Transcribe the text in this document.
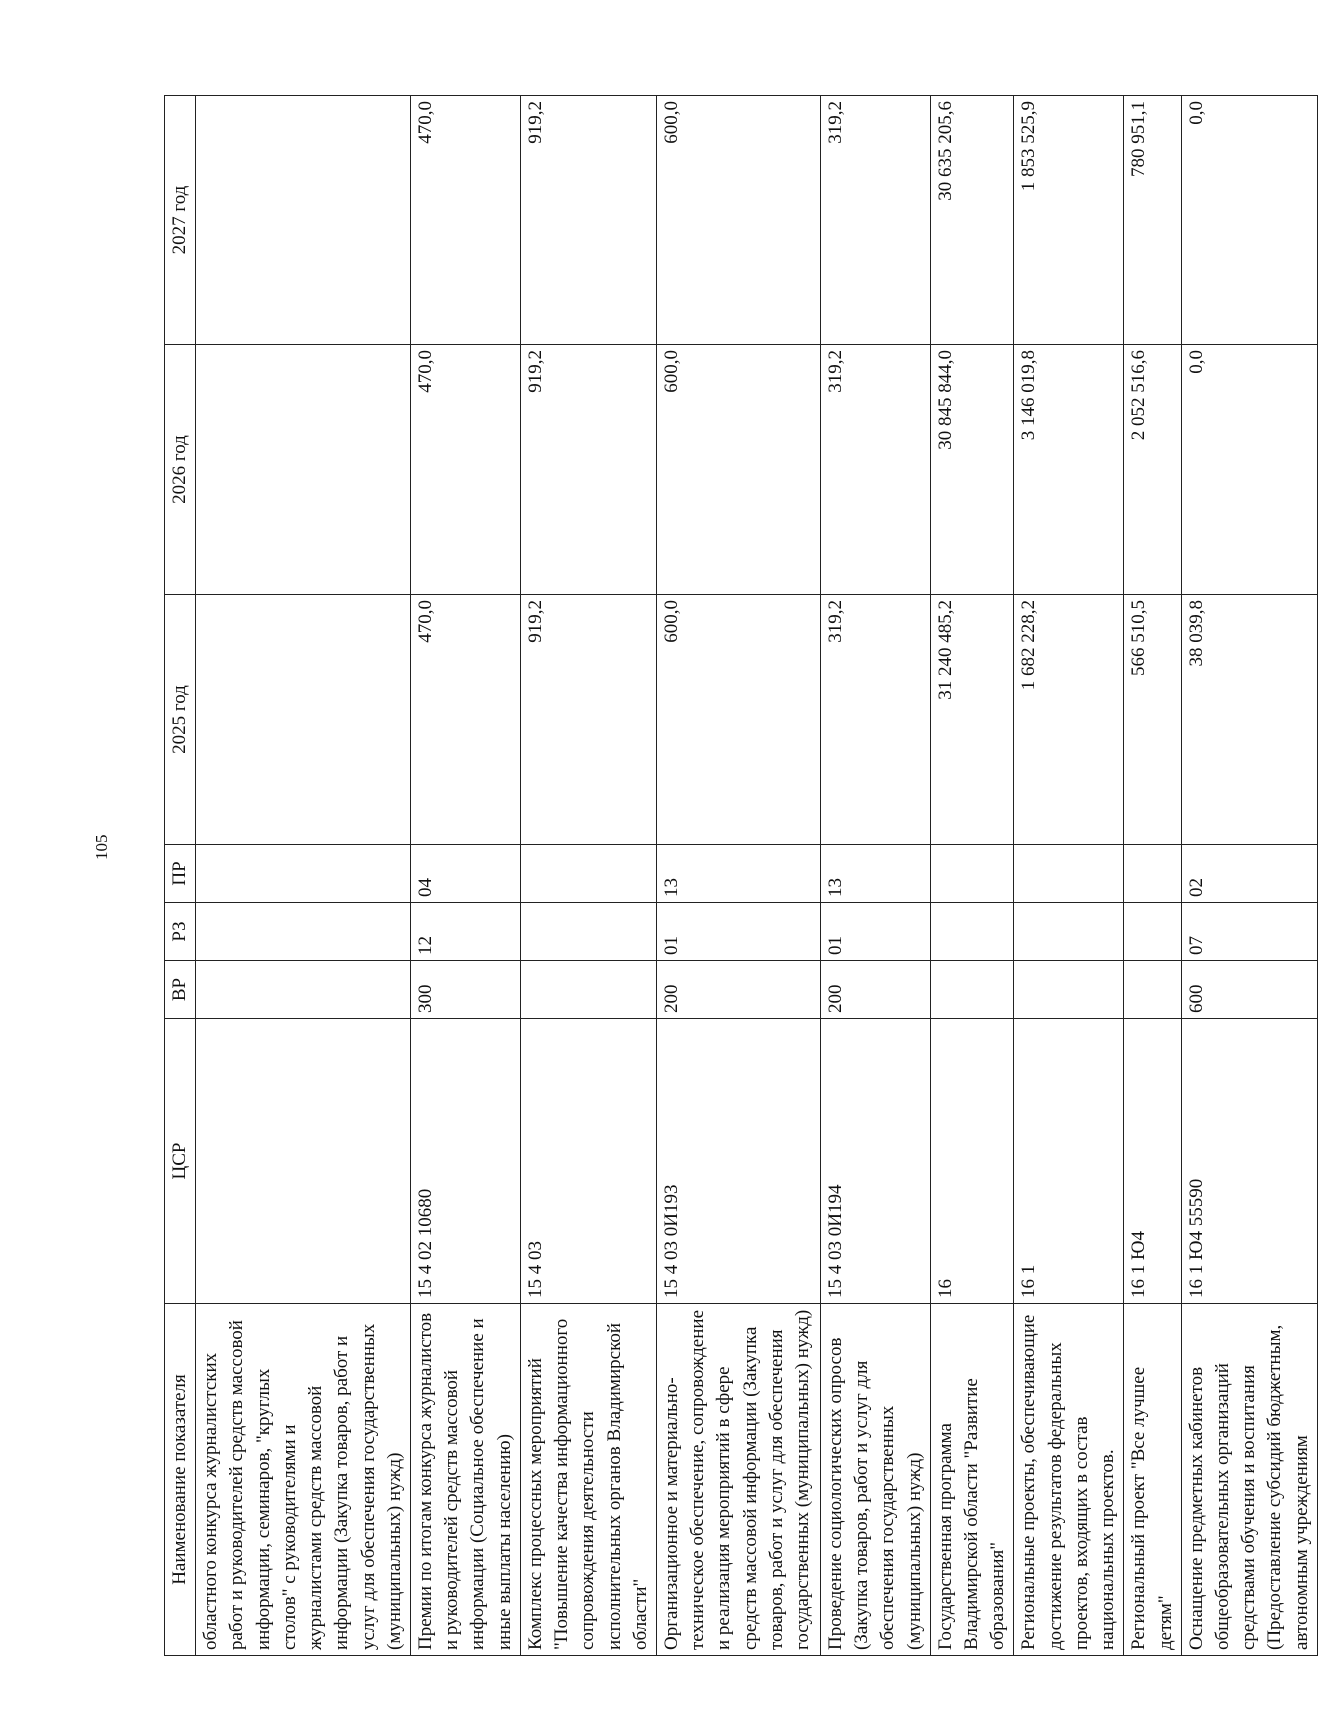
105
Наименование показателя	ЦСР	ВР	РЗ	ПР	2025 год	2026 год	2027 год
областного конкурса журналистских работ и руководителей средств массовой информации, семинаров, "круглых столов" с руководителями и журналистами средств массовой информации (Закупка товаров, работ и услуг для обеспечения государственных (муниципальных) нужд)							
Премии по итогам конкурса журналистов и руководителей средств массовой информации (Социальное обеспечение и иные выплаты населению)	15 4 02 10680	300	12	04	470,0	470,0	470,0
Комплекс процессных мероприятий "Повышение качества информационного сопровождения деятельности исполнительных органов Владимирской области"	15 4 03				919,2	919,2	919,2
Организационное и материально-техническое обеспечение, сопровождение и реализация мероприятий в сфере средств массовой информации (Закупка товаров, работ и услуг для обеспечения государственных (муниципальных) нужд)	15 4 03 0И193	200	01	13	600,0	600,0	600,0
Проведение социологических опросов (Закупка товаров, работ и услуг для обеспечения государственных (муниципальных) нужд)	15 4 03 0И194	200	01	13	319,2	319,2	319,2
Государственная программа Владимирской области "Развитие образования"	16				31 240 485,2	30 845 844,0	30 635 205,6
Региональные проекты, обеспечивающие достижение результатов федеральных проектов, входящих в состав национальных проектов.	16 1				1 682 228,2	3 146 019,8	1 853 525,9
Региональный проект "Все лучшее детям"	16 1 Ю4				566 510,5	2 052 516,6	780 951,1
Оснащение предметных кабинетов общеобразовательных организаций средствами обучения и воспитания (Предоставление субсидий бюджетным, автономным учреждениям	16 1 Ю4 55590	600	07	02	38 039,8	0,0	0,0
